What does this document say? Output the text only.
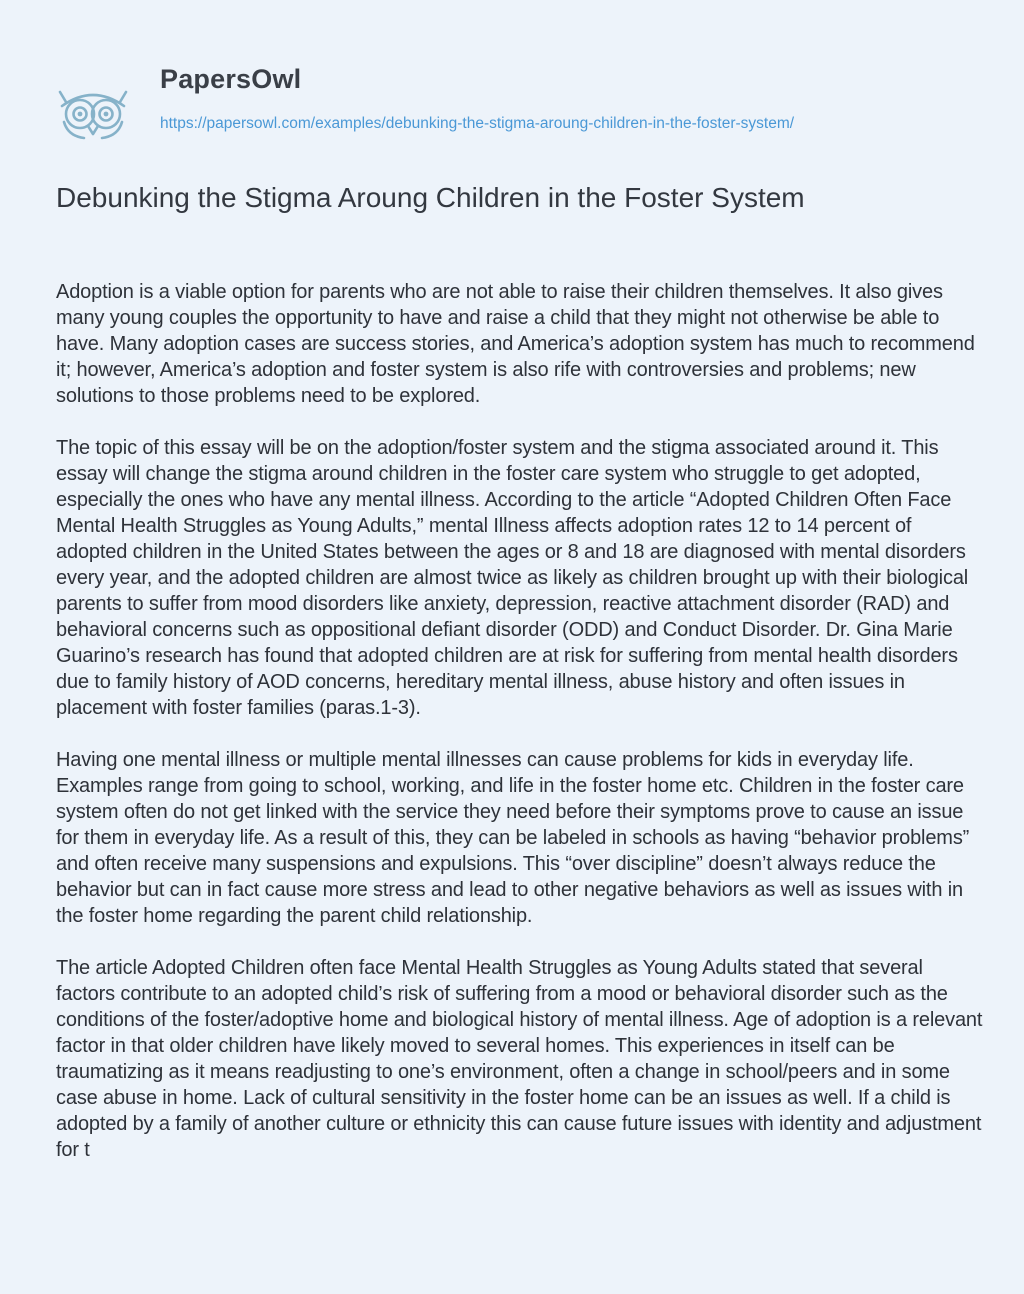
PapersOwl
https://papersowl.com/examples/debunking-the-stigma-aroung-children-in-the-foster-system/
Debunking the Stigma Aroung Children in the Foster System

Adoption is a viable option for parents who are not able to raise their children themselves. It also gives many young couples the opportunity to have and raise a child that they might not otherwise be able to have. Many adoption cases are success stories, and America’s adoption system has much to recommend it; however, America’s adoption and foster system is also rife with controversies and problems; new solutions to those problems need to be explored.

The topic of this essay will be on the adoption/foster system and the stigma associated around it. This essay will change the stigma around children in the foster care system who struggle to get adopted, especially the ones who have any mental illness. According to the article “Adopted Children Often Face Mental Health Struggles as Young Adults,” mental Illness affects adoption rates 12 to 14 percent of adopted children in the United States between the ages or 8 and 18 are diagnosed with mental disorders every year, and the adopted children are almost twice as likely as children brought up with their biological parents to suffer from mood disorders like anxiety, depression, reactive attachment disorder (RAD) and behavioral concerns such as oppositional defiant disorder (ODD) and Conduct Disorder. Dr. Gina Marie Guarino’s research has found that adopted children are at risk for suffering from mental health disorders due to family history of AOD concerns, hereditary mental illness, abuse history and often issues in placement with foster families (paras.1-3).

Having one mental illness or multiple mental illnesses can cause problems for kids in everyday life. Examples range from going to school, working, and life in the foster home etc. Children in the foster care system often do not get linked with the service they need before their symptoms prove to cause an issue for them in everyday life. As a result of this, they can be labeled in schools as having “behavior problems” and often receive many suspensions and expulsions. This “over discipline” doesn’t always reduce the behavior but can in fact cause more stress and lead to other negative behaviors as well as issues with in the foster home regarding the parent child relationship.

The article Adopted Children often face Mental Health Struggles as Young Adults stated that several factors contribute to an adopted child’s risk of suffering from a mood or behavioral disorder such as the conditions of the foster/adoptive home and biological history of mental illness. Age of adoption is a relevant factor in that older children have likely moved to several homes. This experiences in itself can be traumatizing as it means readjusting to one’s environment, often a change in school/peers and in some case abuse in home. Lack of cultural sensitivity in the foster home can be an issues as well. If a child is adopted by a family of another culture or ethnicity this can cause future issues with identity and adjustment for t
